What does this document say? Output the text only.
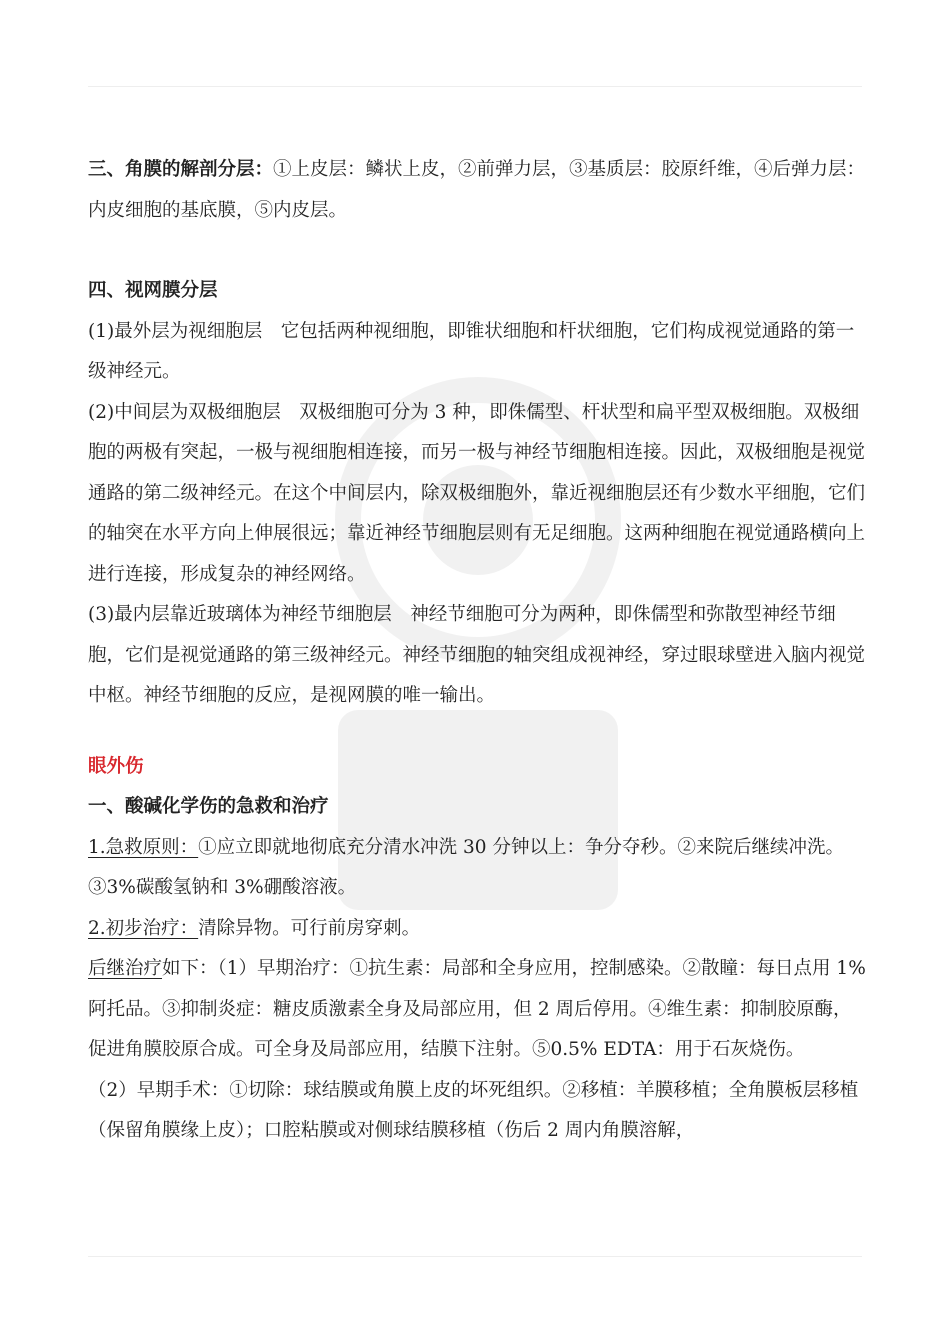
三、角膜的解剖分层：①上皮层：鳞状上皮，②前弹力层，③基质层：胶原纤维，④后弹力层：内皮细胞的基底膜，⑤内皮层。

四、视网膜分层

(1)最外层为视细胞层　它包括两种视细胞，即锥状细胞和杆状细胞，它们构成视觉通路的第一级神经元。

(2)中间层为双极细胞层　双极细胞可分为 3 种，即侏儒型、杆状型和扁平型双极细胞。双极细胞的两极有突起，一极与视细胞相连接，而另一极与神经节细胞相连接。因此，双极细胞是视觉通路的第二级神经元。在这个中间层内，除双极细胞外，靠近视细胞层还有少数水平细胞，它们的轴突在水平方向上伸展很远；靠近神经节细胞层则有无足细胞。这两种细胞在视觉通路横向上进行连接，形成复杂的神经网络。

(3)最内层靠近玻璃体为神经节细胞层　神经节细胞可分为两种，即侏儒型和弥散型神经节细胞，它们是视觉通路的第三级神经元。神经节细胞的轴突组成视神经，穿过眼球壁进入脑内视觉中枢。神经节细胞的反应，是视网膜的唯一输出。

眼外伤

一、酸碱化学伤的急救和治疗

1.急救原则：①应立即就地彻底充分清水冲洗 30 分钟以上：争分夺秒。②来院后继续冲洗。③3%碳酸氢钠和 3%硼酸溶液。

2.初步治疗：清除异物。可行前房穿刺。

后继治疗如下：（1）早期治疗：①抗生素：局部和全身应用，控制感染。②散瞳：每日点用 1%阿托品。③抑制炎症：糖皮质激素全身及局部应用，但 2 周后停用。④维生素：抑制胶原酶，促进角膜胶原合成。可全身及局部应用，结膜下注射。⑤0.5% EDTA：用于石灰烧伤。

（2）早期手术：①切除：球结膜或角膜上皮的坏死组织。②移植：羊膜移植；全角膜板层移植（保留角膜缘上皮）；口腔粘膜或对侧球结膜移植（伤后 2 周内角膜溶解，
